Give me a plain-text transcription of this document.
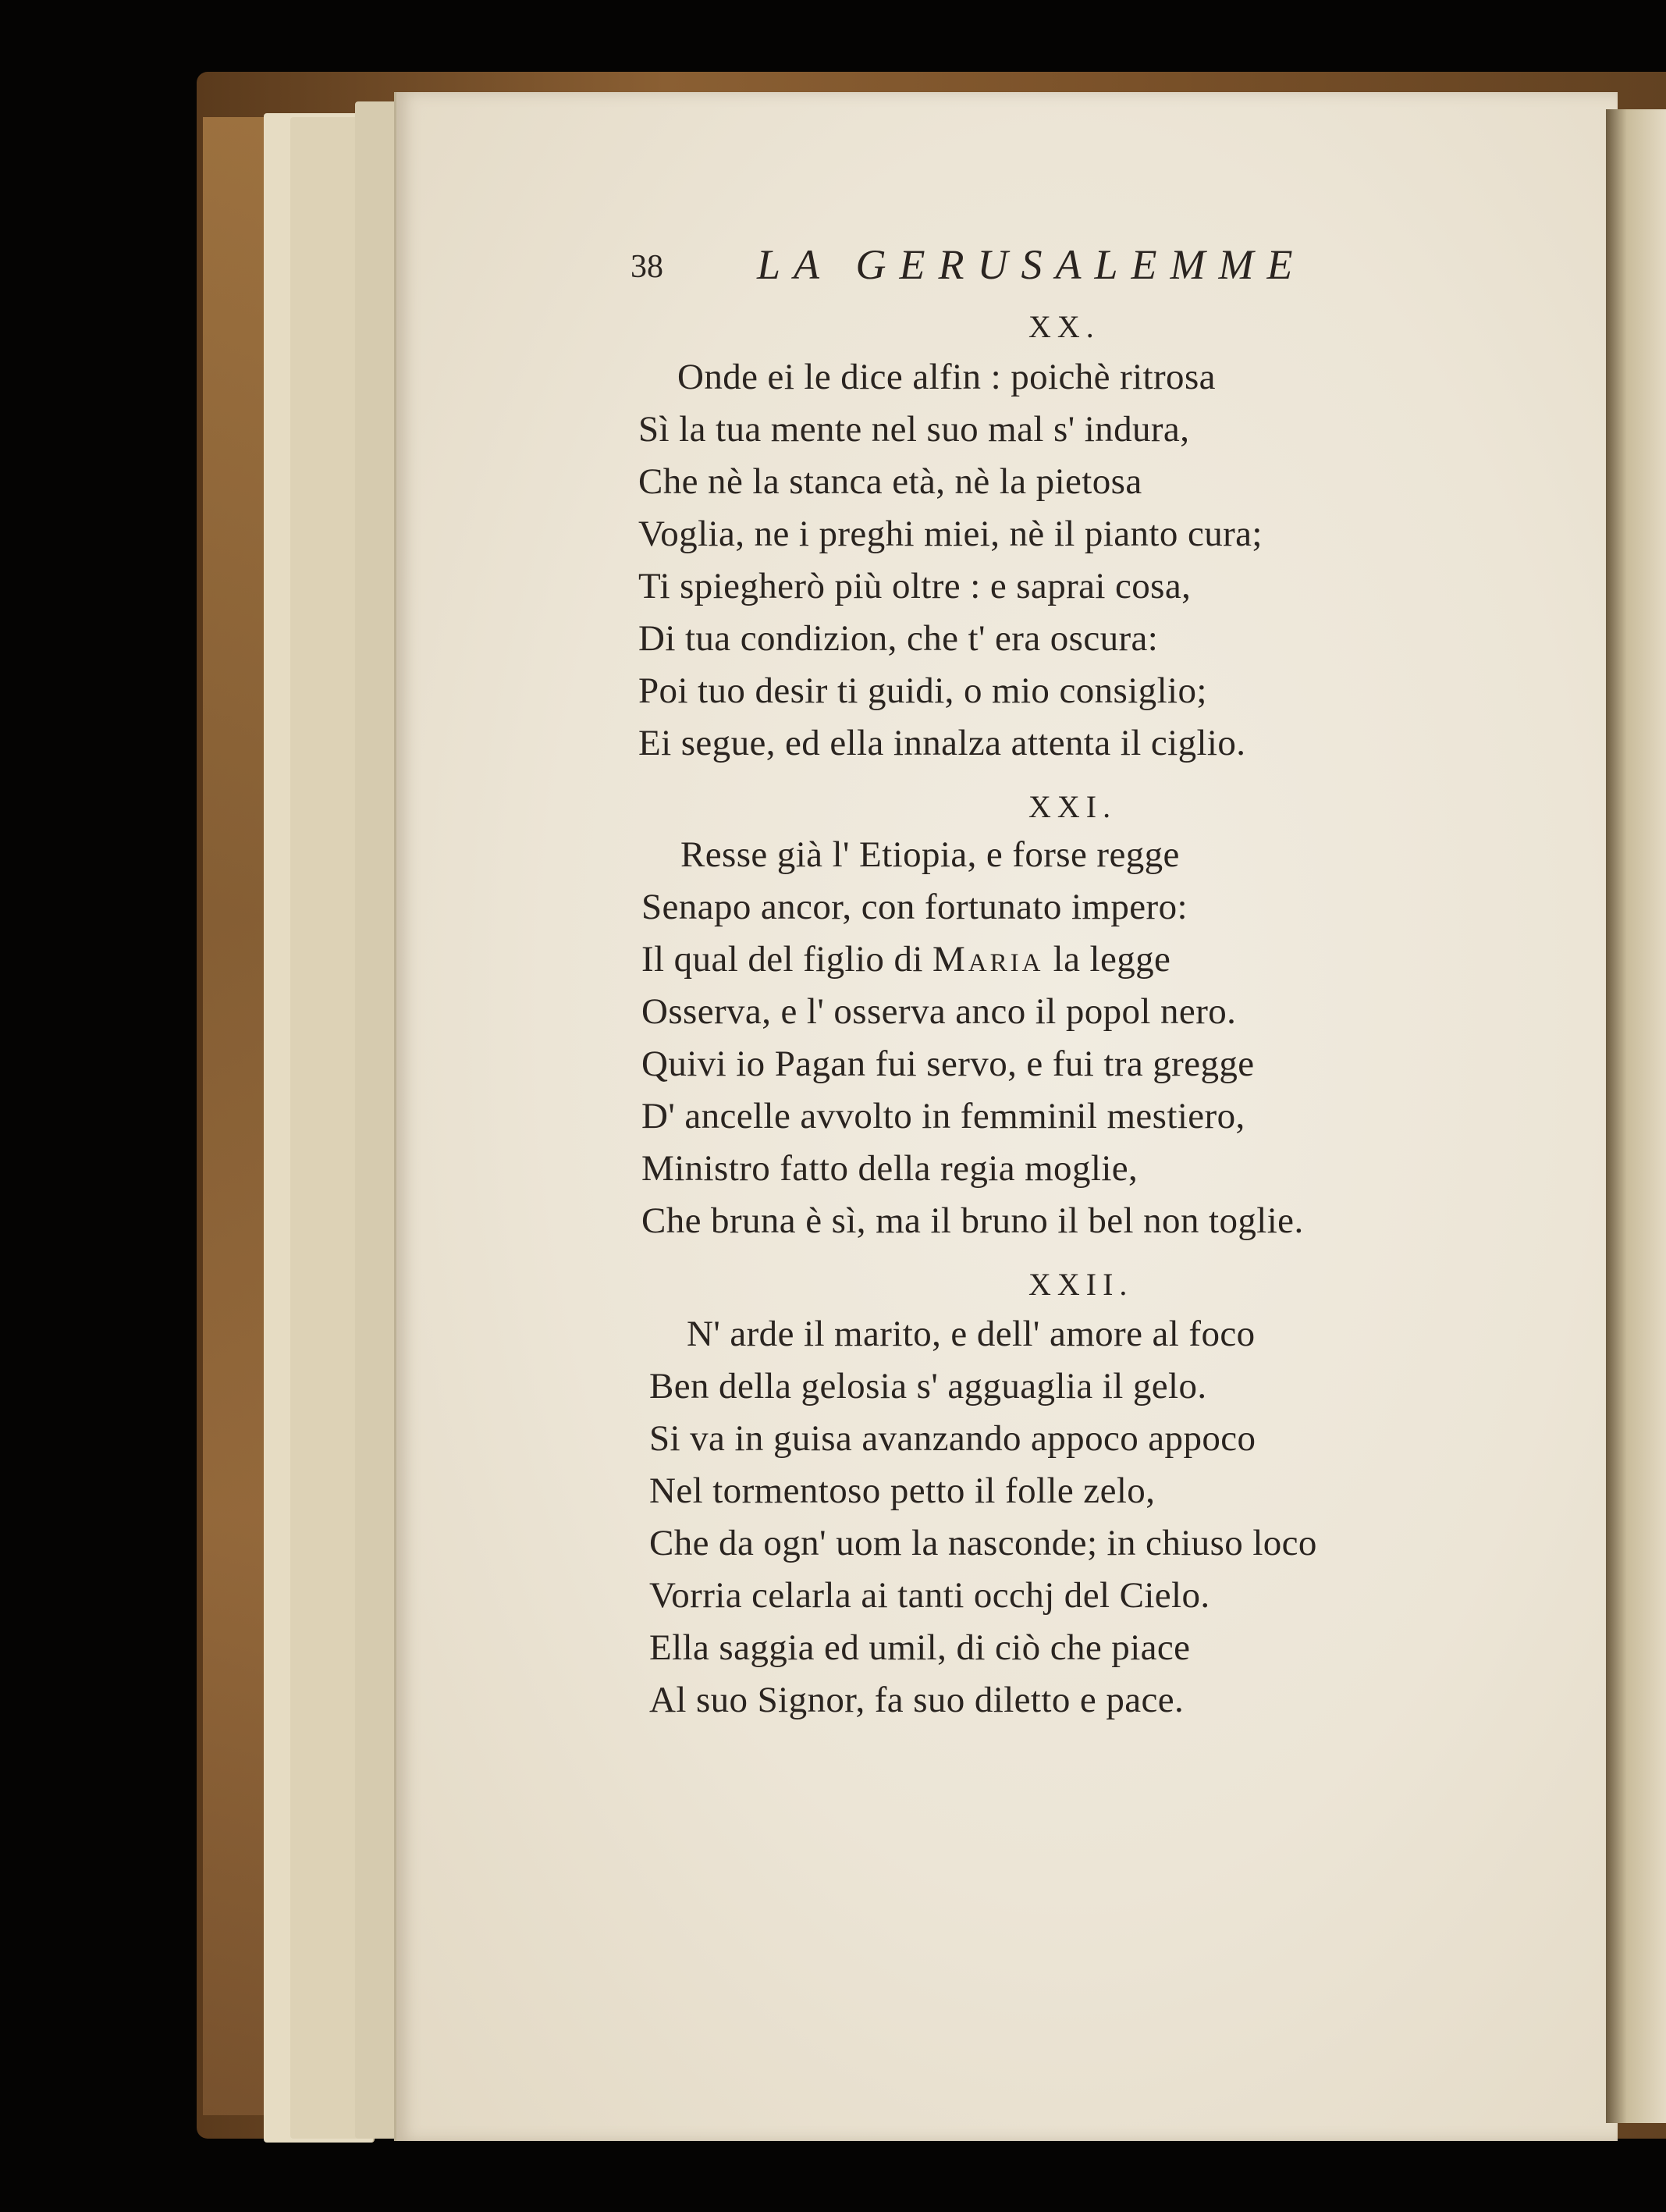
38 LA GERUSALEMME
XX.
Onde ei le dice alfin : poichè ritrosa
Sì la tua mente nel suo mal s' indura,
Che nè la stanca età, nè la pietosa
Voglia, ne i preghi miei, nè il pianto cura;
Ti spiegherò più oltre : e saprai cosa,
Di tua condizion, che t' era oscura:
Poi tuo desir ti guidi, o mio consiglio;
Ei segue, ed ella innalza attenta il ciglio.
XXI.
Resse già l' Etiopia, e forse regge
Senapo ancor, con fortunato impero:
Il qual del figlio di Maria la legge
Osserva, e l' osserva anco il popol nero.
Quivi io Pagan fui servo, e fui tra gregge
D' ancelle avvolto in femminil mestiero,
Ministro fatto della regia moglie,
Che bruna è sì, ma il bruno il bel non toglie.
XXII.
N' arde il marito, e dell' amore al foco
Ben della gelosia s' agguaglia il gelo.
Si va in guisa avanzando appoco appoco
Nel tormentoso petto il folle zelo,
Che da ogn' uom la nasconde; in chiuso loco
Vorria celarla ai tanti occhj del Cielo.
Ella saggia ed umil, di ciò che piace
Al suo Signor, fa suo diletto e pace.
